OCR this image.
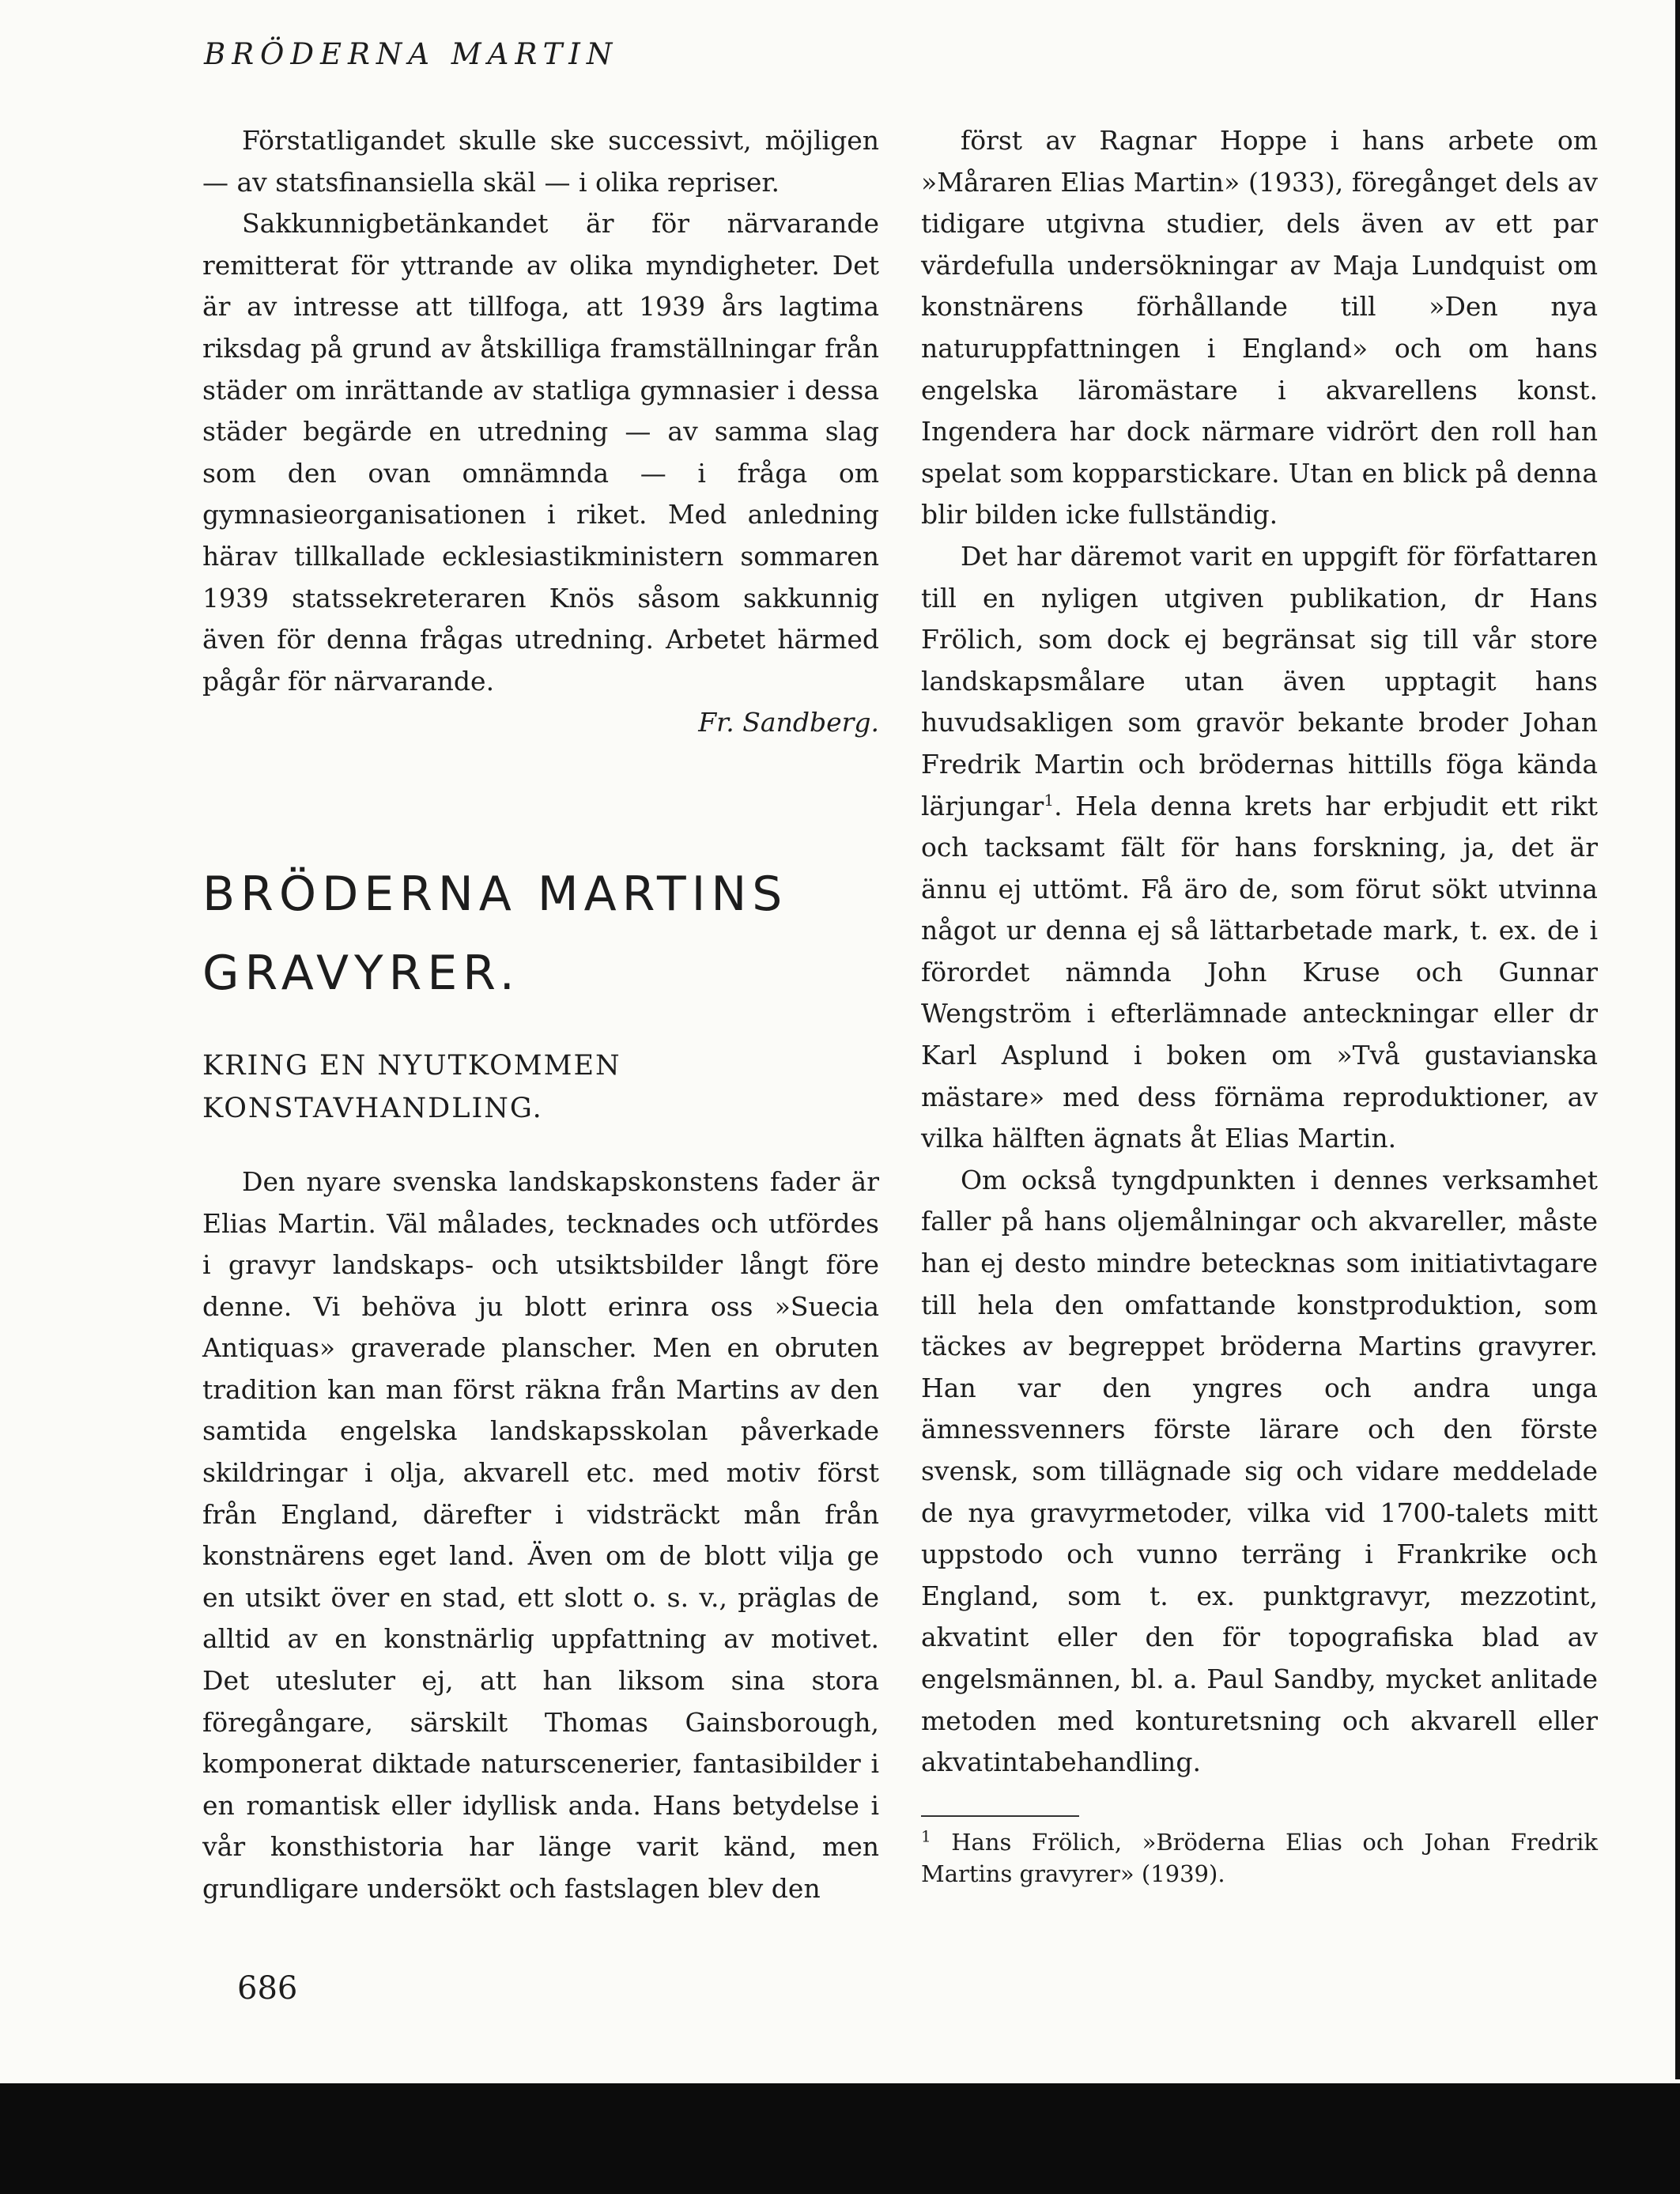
BRÖDERNA MARTIN

Förstatligandet skulle ske successivt, möjligen — av statsfinansiella skäl — i olika repriser.

Sakkunnigbetänkandet är för närvarande remitterat för yttrande av olika myndigheter. Det är av intresse att tillfoga, att 1939 års lagtima riksdag på grund av åtskilliga framställningar från städer om inrättande av statliga gymnasier i dessa städer begärde en utredning — av samma slag som den ovan omnämnda — i fråga om gymnasieorganisationen i riket. Med anledning härav tillkallade ecklesiastikministern sommaren 1939 statssekreteraren Knös såsom sakkunnig även för denna frågas utredning. Arbetet härmed pågår för närvarande.

Fr. Sandberg.

BRÖDERNA MARTINS
GRAVYRER.
KRING EN NYUTKOMMEN KONSTAVHANDLING.

Den nyare svenska landskapskonstens fader är Elias Martin. Väl målades, tecknades och utfördes i gravyr landskaps- och utsiktsbilder långt före denne. Vi behöva ju blott erinra oss »Suecia Antiquas» graverade planscher. Men en obruten tradition kan man först räkna från Martins av den samtida engelska landskapsskolan påverkade skildringar i olja, akvarell etc. med motiv först från England, därefter i vidsträckt mån från konstnärens eget land. Även om de blott vilja ge en utsikt över en stad, ett slott o. s. v., präglas de alltid av en konstnärlig uppfattning av motivet. Det utesluter ej, att han liksom sina stora föregångare, särskilt Thomas Gainsborough, komponerat diktade naturscenerier, fantasibilder i en romantisk eller idyllisk anda. Hans betydelse i vår konsthistoria har länge varit känd, men grundligare undersökt och fastslagen blev den

först av Ragnar Hoppe i hans arbete om »Måraren Elias Martin» (1933), föregånget dels av tidigare utgivna studier, dels även av ett par värdefulla undersökningar av Maja Lundquist om konstnärens förhållande till »Den nya naturuppfattningen i England» och om hans engelska läromästare i akvarellens konst. Ingendera har dock närmare vidrört den roll han spelat som kopparstickare. Utan en blick på denna blir bilden icke fullständig.

Det har däremot varit en uppgift för författaren till en nyligen utgiven publikation, dr Hans Frölich, som dock ej begränsat sig till vår store landskapsmålare utan även upptagit hans huvudsakligen som gravör bekante broder Johan Fredrik Martin och brödernas hittills föga kända lärjungar$^1$. Hela denna krets har erbjudit ett rikt och tacksamt fält för hans forskning, ja, det är ännu ej uttömt. Få äro de, som förut sökt utvinna något ur denna ej så lättarbetade mark, t. ex. de i förordet nämnda John Kruse och Gunnar Wengström i efterlämnade anteckningar eller dr Karl Asplund i boken om »Två gustavianska mästare» med dess förnäma reproduktioner, av vilka hälften ägnats åt Elias Martin.

Om också tyngdpunkten i dennes verksamhet faller på hans oljemålningar och akvareller, måste han ej desto mindre betecknas som initiativtagare till hela den omfattande konstproduktion, som täckes av begreppet bröderna Martins gravyrer. Han var den yngres och andra unga ämnessvenners förste lärare och den förste svensk, som tillägnade sig och vidare meddelade de nya gravyrmetoder, vilka vid 1700-talets mitt uppstodo och vunno terräng i Frankrike och England, som t. ex. punktgravyr, mezzotint, akvatint eller den för topografiska blad av engelsmännen, bl. a. Paul Sandby, mycket anlitade metoden med konturetsning och akvarell eller akvatintabehandling.

$^1$ Hans Frölich, »Bröderna Elias och Johan Fredrik Martins gravyrer» (1939).

686
